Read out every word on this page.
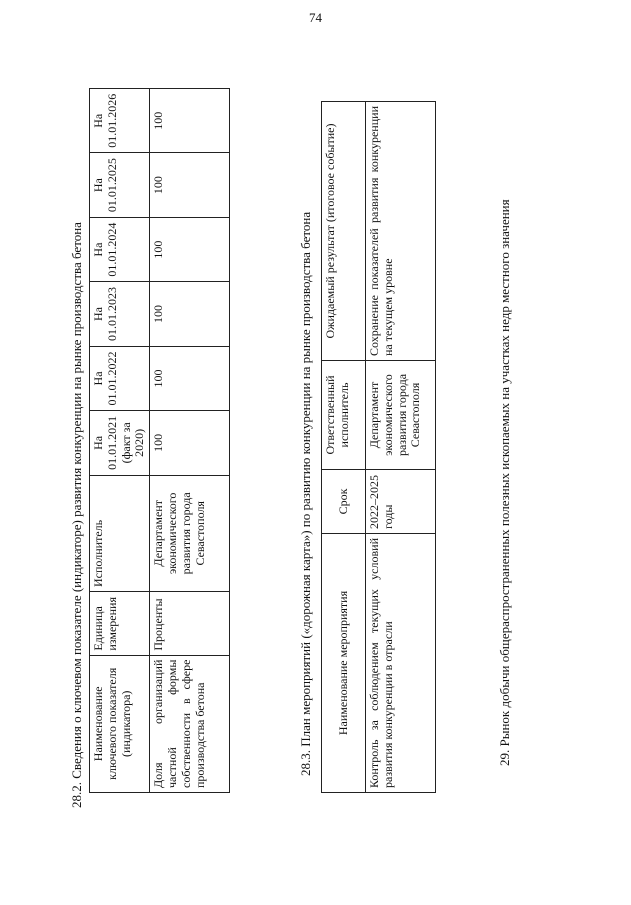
74
28.2. Сведения о ключевом показателе (индикаторе) развития конкуренции на рынке производства бетона Наименование ключевого показателя (индикатора)	Единица измерения	Исполнитель	На 01.01.2021 (факт за 2020)	На 01.01.2022	На 01.01.2023	На 01.01.2024	На 01.01.2025	На 01.01.2026
Доля организаций частной формы собственности в сфере производства бетона	Проценты	Департамент экономического развития города Севастополя	100	100	100	100	100	100
28.3. План мероприятий («дорожная карта») по развитию конкуренции на рынке производства бетона Наименование мероприятия	Срок	Ответственный исполнитель	Ожидаемый результат (итоговое событие)
Контроль за соблюдением текущих условий развития конкуренции в отрасли	2022–2025 годы	Департамент экономического развития города Севастополя	Сохранение показателей развития конкуренции на текущем уровне	29. Рынок добычи общераспространенных полезных ископаемых на участках недр местного значения
